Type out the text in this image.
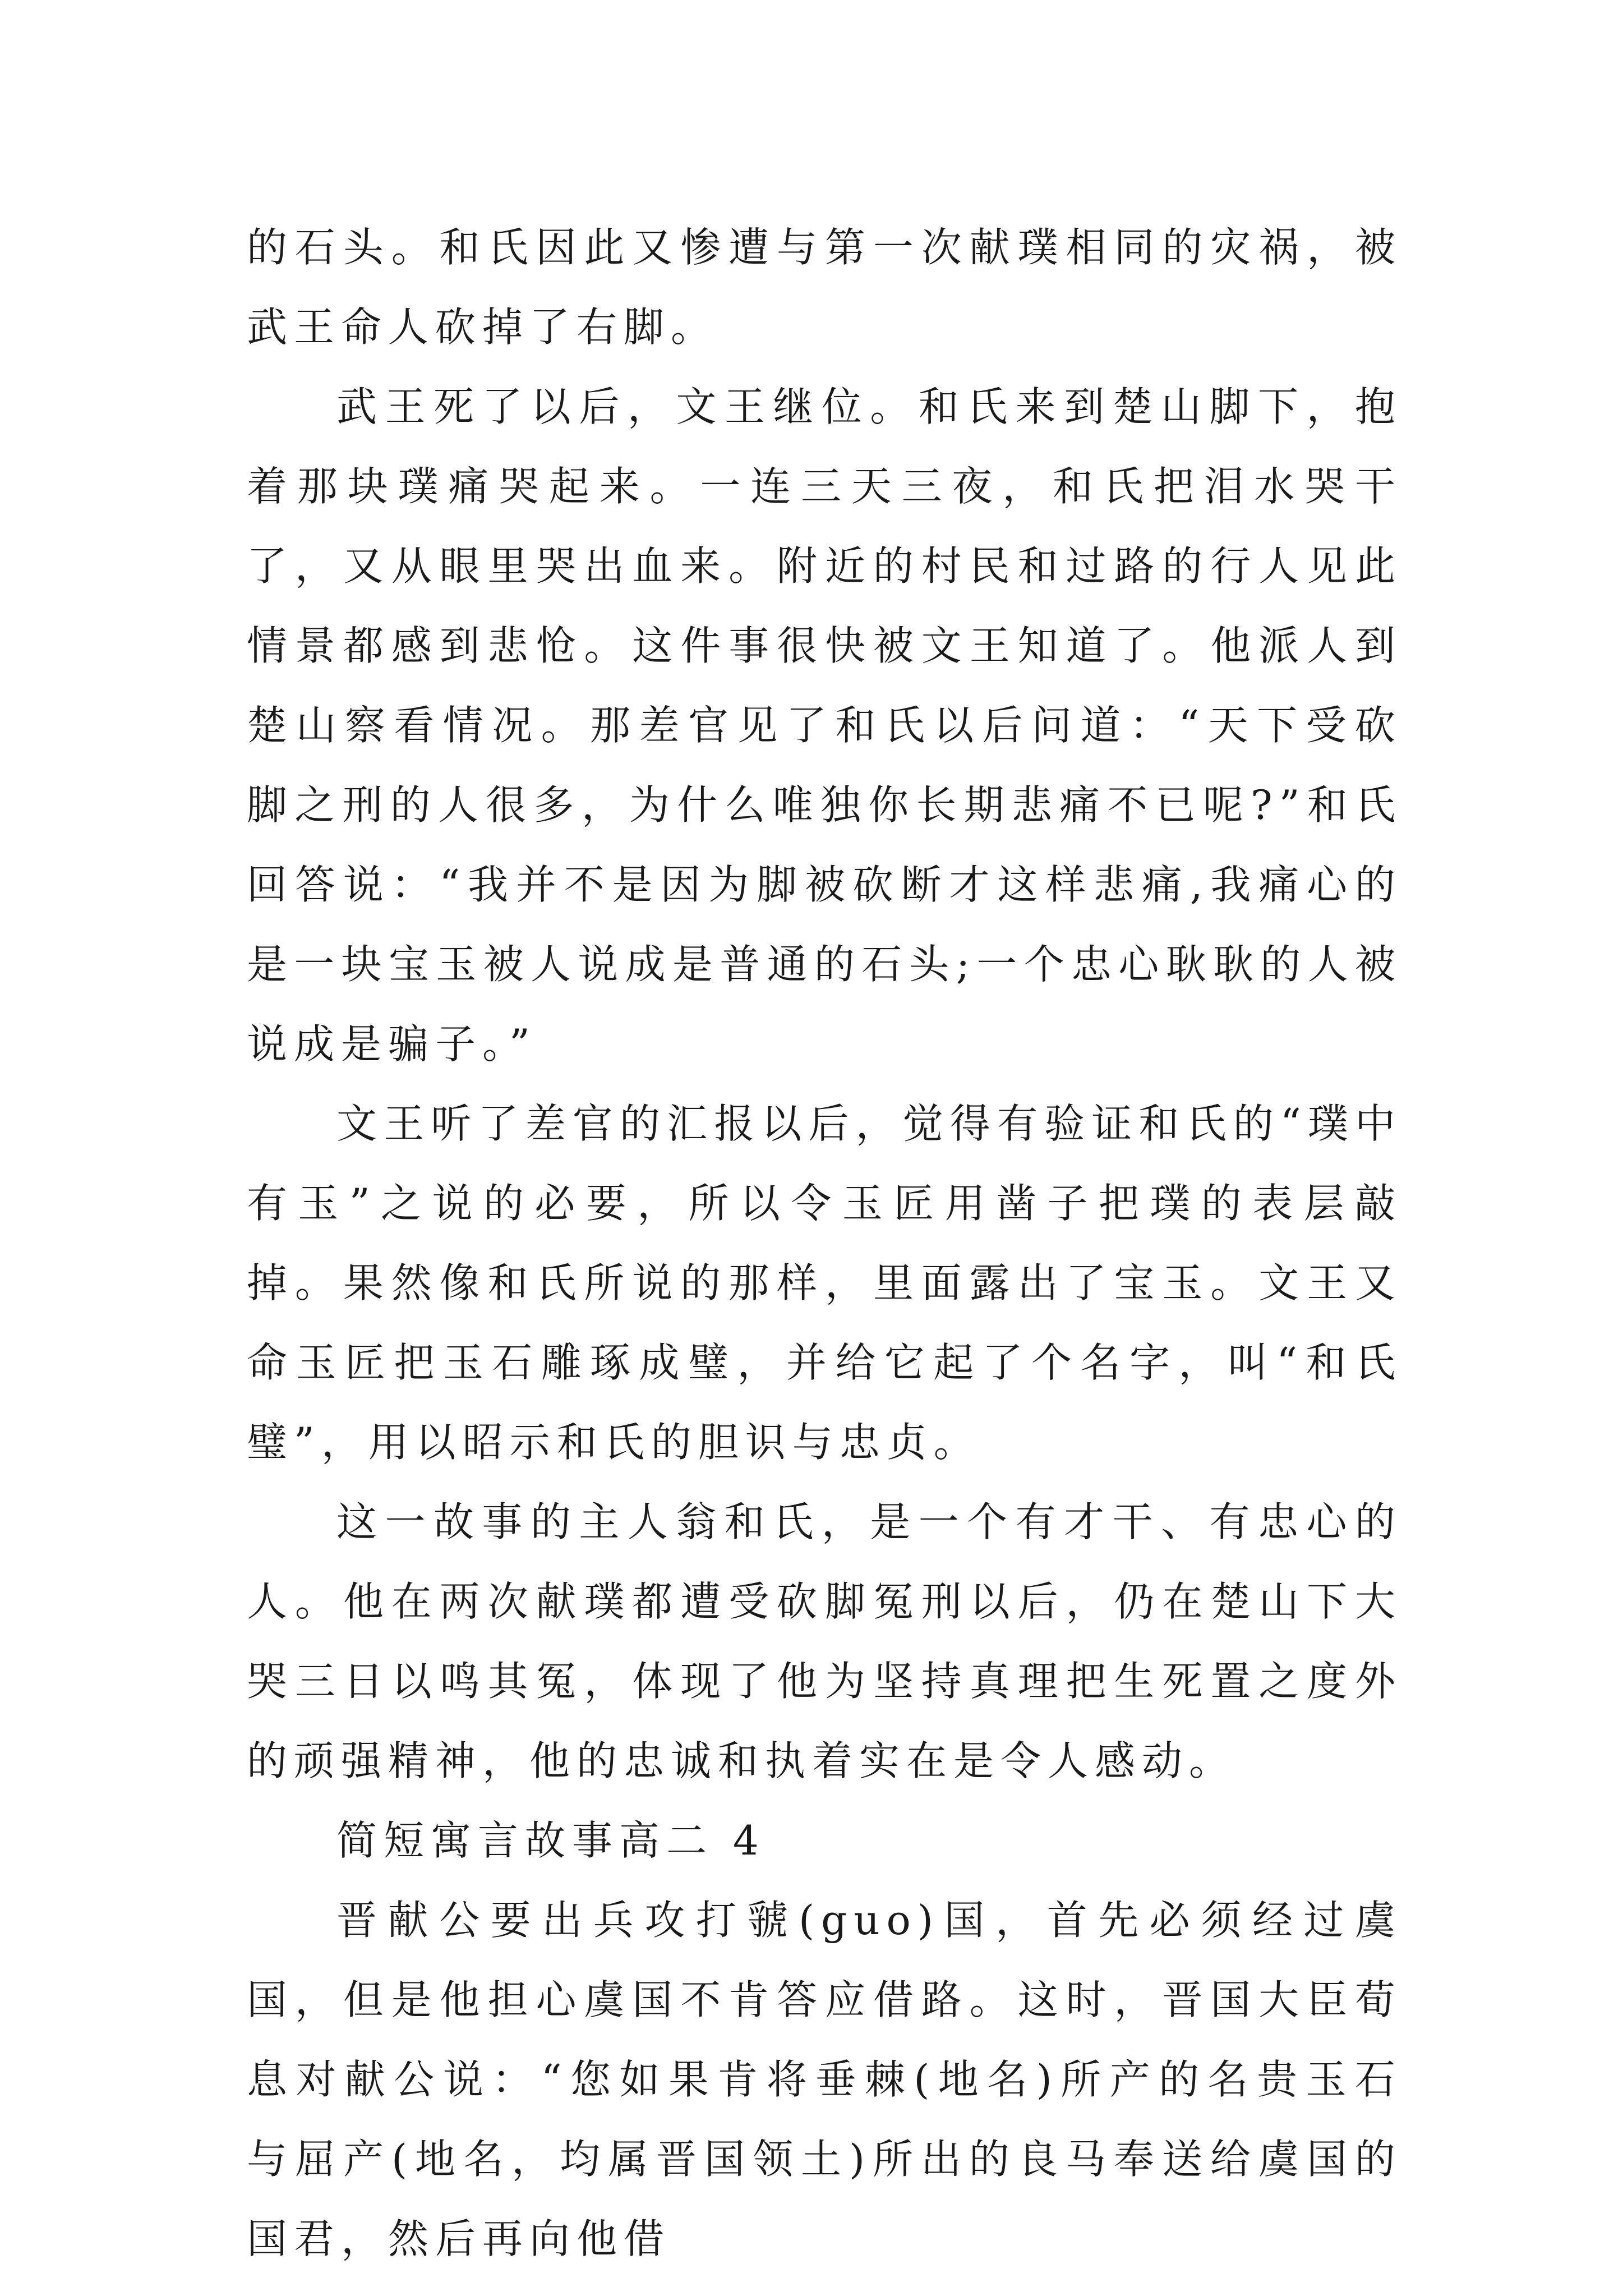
的石头。和氏因此又惨遭与第一次献璞相同的灾祸，被武王命人砍掉了右脚。

武王死了以后，文王继位。和氏来到楚山脚下，抱着那块璞痛哭起来。一连三天三夜，和氏把泪水哭干了，又从眼里哭出血来。附近的村民和过路的行人见此情景都感到悲怆。这件事很快被文王知道了。他派人到楚山察看情况。那差官见了和氏以后问道：“天下受砍脚之刑的人很多，为什么唯独你长期悲痛不已呢?”和氏回答说：“我并不是因为脚被砍断才这样悲痛,我痛心的是一块宝玉被人说成是普通的石头;一个忠心耿耿的人被说成是骗子。”

文王听了差官的汇报以后，觉得有验证和氏的“璞中有玉”之说的必要，所以令玉匠用凿子把璞的表层敲掉。果然像和氏所说的那样，里面露出了宝玉。文王又命玉匠把玉石雕琢成璧，并给它起了个名字，叫“和氏璧”，用以昭示和氏的胆识与忠贞。

这一故事的主人翁和氏，是一个有才干、有忠心的人。他在两次献璞都遭受砍脚冤刑以后，仍在楚山下大哭三日以鸣其冤，体现了他为坚持真理把生死置之度外的顽强精神，他的忠诚和执着实在是令人感动。

简短寓言故事高二 4

晋献公要出兵攻打虢(guo)国，首先必须经过虞国，但是他担心虞国不肯答应借路。这时，晋国大臣荀息对献公说：“您如果肯将垂棘(地名)所产的名贵玉石与屈产(地名，均属晋国领土)所出的良马奉送给虞国的国君，然后再向他借
